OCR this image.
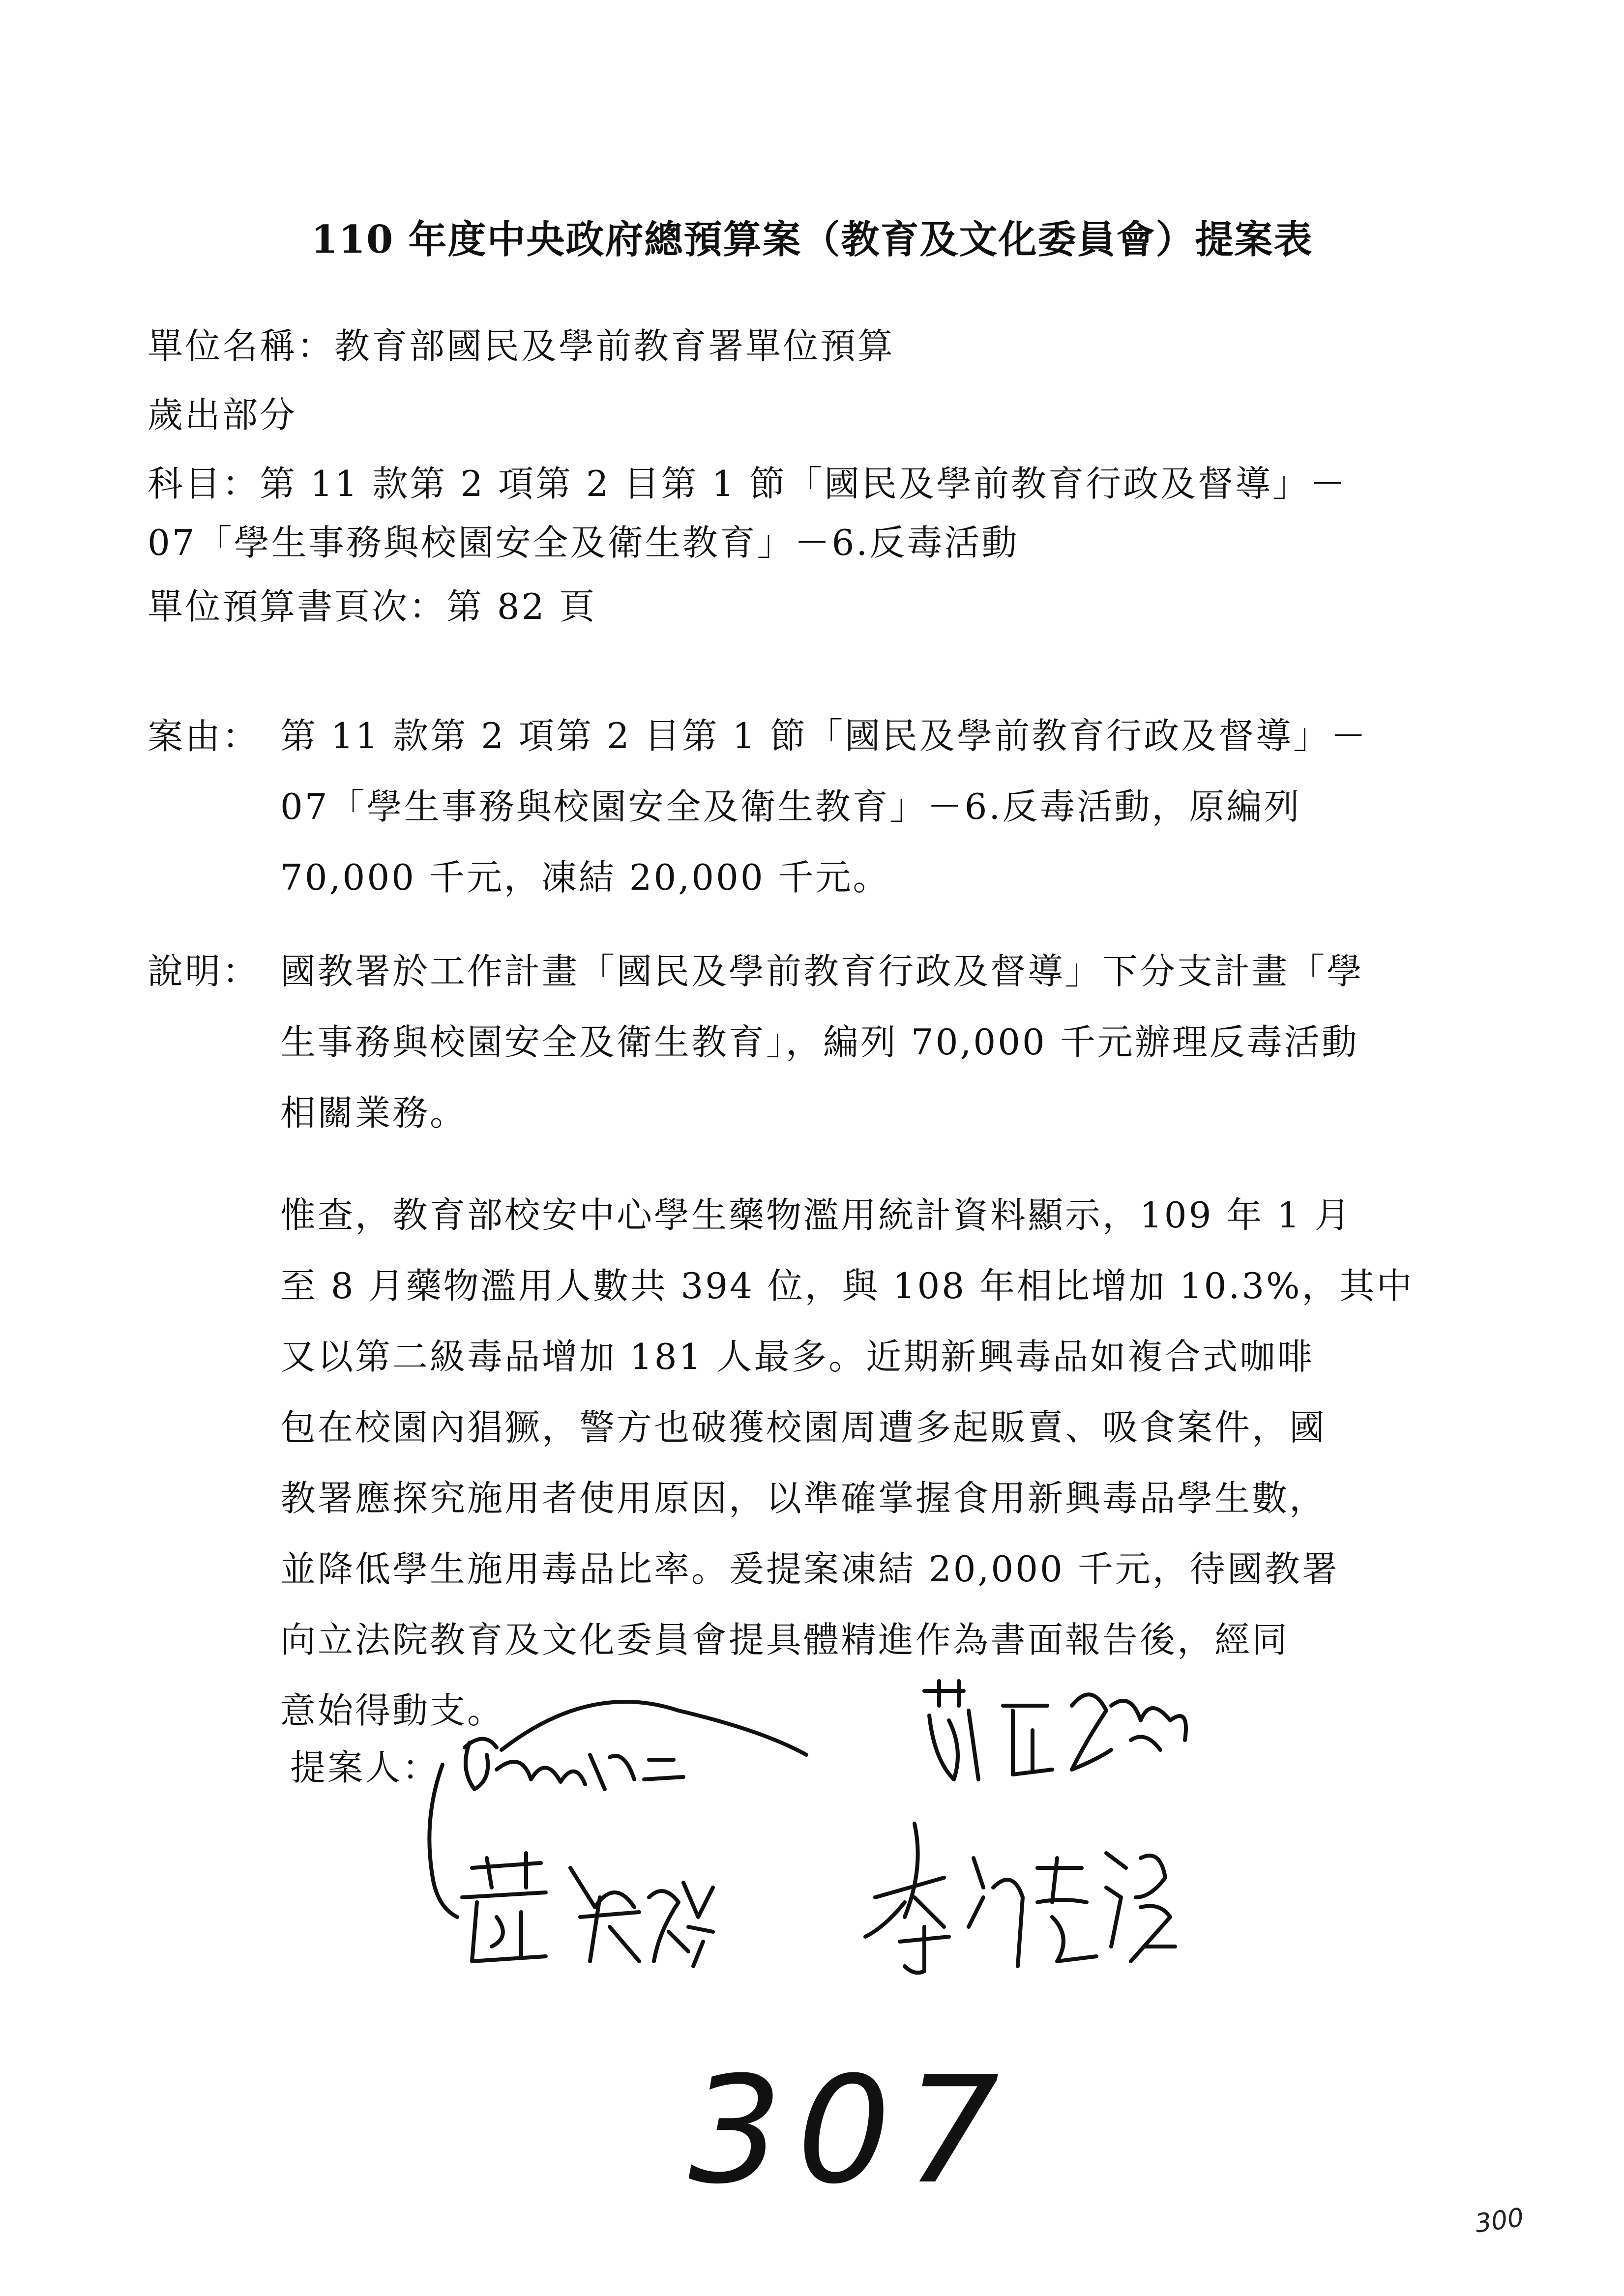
110 年度中央政府總預算案（教育及文化委員會）提案表
單位名稱：教育部國民及學前教育署單位預算
歲出部分
科目：第 11 款第 2 項第 2 目第 1 節「國民及學前教育行政及督導」－
07「學生事務與校園安全及衛生教育」－6.反毒活動
單位預算書頁次：第 82 頁
案由： 第 11 款第 2 項第 2 目第 1 節「國民及學前教育行政及督導」－
07「學生事務與校園安全及衛生教育」－6.反毒活動，原編列
70,000 千元，凍結 20,000 千元。
說明： 國教署於工作計畫「國民及學前教育行政及督導」下分支計畫「學
生事務與校園安全及衛生教育」，編列 70,000 千元辦理反毒活動
相關業務。
惟查，教育部校安中心學生藥物濫用統計資料顯示，109 年 1 月
至 8 月藥物濫用人數共 394 位，與 108 年相比增加 10.3%，其中
又以第二級毒品增加 181 人最多。近期新興毒品如複合式咖啡
包在校園內猖獗，警方也破獲校園周遭多起販賣、吸食案件，國
教署應探究施用者使用原因，以準確掌握食用新興毒品學生數，
並降低學生施用毒品比率。爰提案凍結 20,000 千元，待國教署
向立法院教育及文化委員會提具體精進作為書面報告後，經同
意始得動支。
提案人：
307
300
